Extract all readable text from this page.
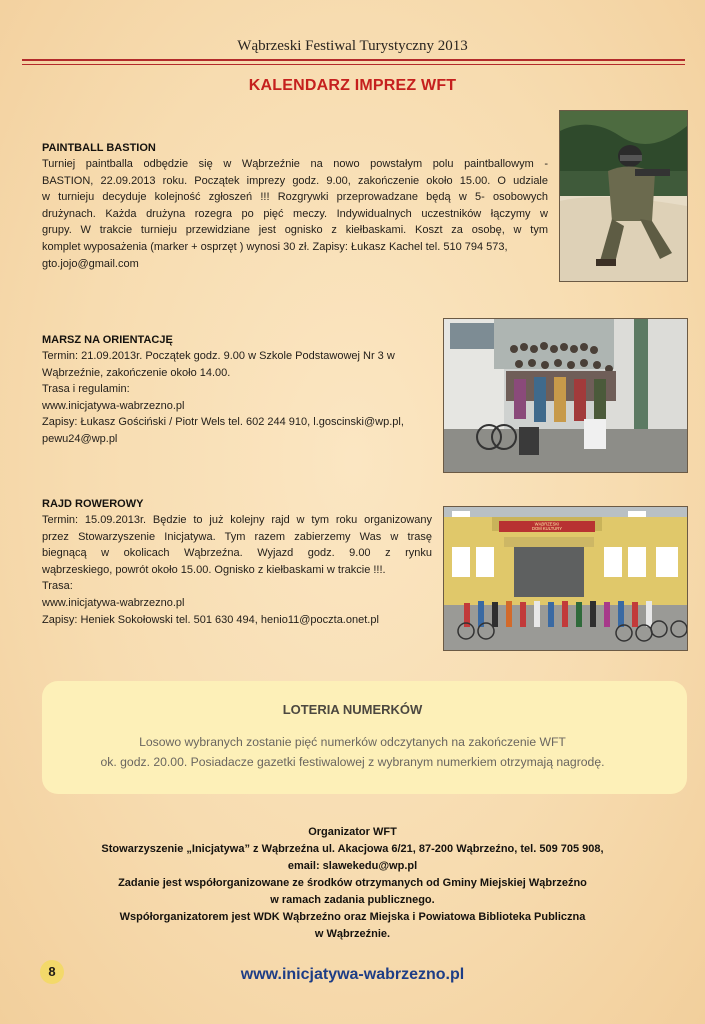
Wąbrzeski Festiwal Turystyczny 2013
KALENDARZ IMPREZ WFT
PAINTBALL BASTION
Turniej paintballa odbędzie się w Wąbrzeźnie na nowo powstałym polu paintballowym -
BASTION, 22.09.2013 roku. Początek imprezy godz. 9.00, zakończenie około 15.00. O udziale
w turnieju decyduje kolejność zgłoszeń !!! Rozgrywki przeprowadzane będą w 5- osobowych
drużynach. Każda drużyna rozegra po pięć meczy. Indywidualnych uczestników łączymy w
grupy. W trakcie turnieju przewidziane jest ognisko z kiełbaskami. Koszt za osobę, w tym
komplet wyposażenia (marker + osprzęt ) wynosi 30 zł. Zapisy: Łukasz Kachel tel. 510 794 573,
gto.jojo@gmail.com
MARSZ NA ORIENTACJĘ
Termin: 21.09.2013r. Początek godz. 9.00 w Szkole Podstawowej Nr 3 w
Wąbrzeźnie, zakończenie około 14.00.
Trasa i regulamin:
www.inicjatywa-wabrzezno.pl
Zapisy: Łukasz Gościński / Piotr Wels tel. 602 244 910, l.goscinski@wp.pl,
pewu24@wp.pl
RAJD ROWEROWY
Termin: 15.09.2013r. Będzie to już kolejny rajd w tym roku organizowany
przez Stowarzyszenie Inicjatywa. Tym razem zabierzemy Was w trasę
biegnącą w okolicach Wąbrzeźna. Wyjazd godz. 9.00 z rynku
wąbrzeskiego, powrót około 15.00. Ognisko z kiełbaskami w trakcie !!!.
Trasa:
www.inicjatywa-wabrzezno.pl
Zapisy: Heniek Sokołowski tel. 501 630 494, henio11@poczta.onet.pl
WĄBRZESKI
DOM KULTURY
LOTERIA NUMERKÓW
Losowo wybranych zostanie pięć numerków odczytanych na zakończenie WFT
ok. godz. 20.00. Posiadacze gazetki festiwalowej z wybranym numerkiem otrzymają nagrodę.
Organizator WFT
Stowarzyszenie „Inicjatywa” z Wąbrzeźna ul. Akacjowa 6/21, 87-200 Wąbrzeźno, tel. 509 705 908,
email: slawekedu@wp.pl
Zadanie jest współorganizowane ze środków otrzymanych od Gminy Miejskiej Wąbrzeźno
w ramach zadania publicznego.
Współorganizatorem jest WDK Wąbrzeźno oraz Miejska i Powiatowa Biblioteka Publiczna
w Wąbrzeźnie.
8	www.inicjatywa-wabrzezno.pl
